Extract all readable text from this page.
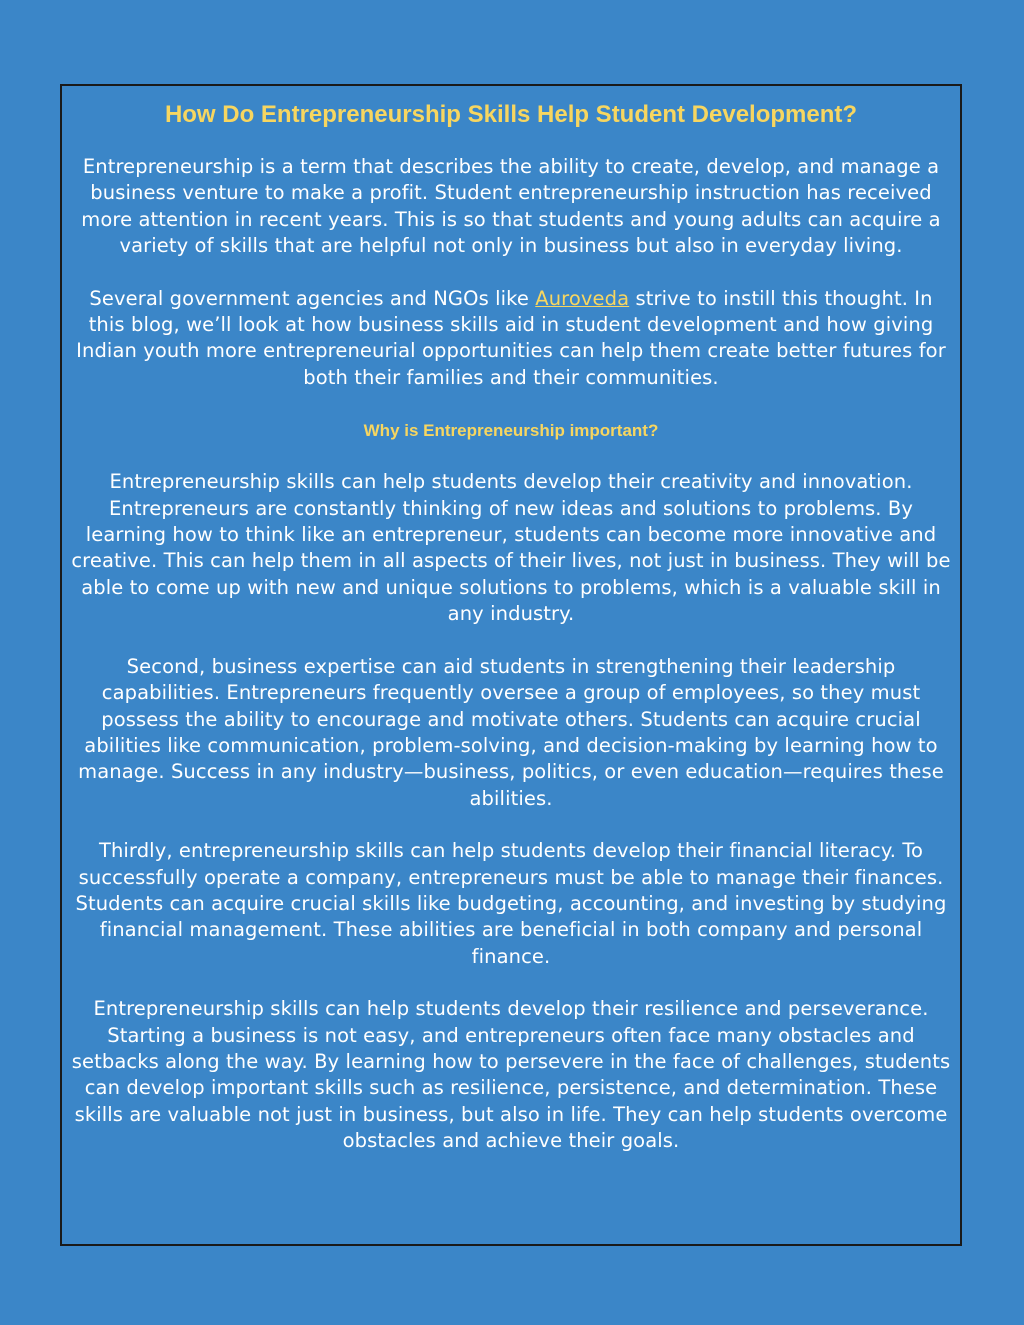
How Do Entrepreneurship Skills Help Student Development?

Entrepreneurship is a term that describes the ability to create, develop, and manage a business venture to make a profit. Student entrepreneurship instruction has received more attention in recent years. This is so that students and young adults can acquire a variety of skills that are helpful not only in business but also in everyday living.

Several government agencies and NGOs like Auroveda strive to instill this thought. In this blog, we’ll look at how business skills aid in student development and how giving Indian youth more entrepreneurial opportunities can help them create better futures for both their families and their communities.

Why is Entrepreneurship important?

Entrepreneurship skills can help students develop their creativity and innovation. Entrepreneurs are constantly thinking of new ideas and solutions to problems. By learning how to think like an entrepreneur, students can become more innovative and creative. This can help them in all aspects of their lives, not just in business. They will be able to come up with new and unique solutions to problems, which is a valuable skill in any industry.

Second, business expertise can aid students in strengthening their leadership capabilities. Entrepreneurs frequently oversee a group of employees, so they must possess the ability to encourage and motivate others. Students can acquire crucial abilities like communication, problem-solving, and decision-making by learning how to manage. Success in any industry—business, politics, or even education—requires these abilities.

Thirdly, entrepreneurship skills can help students develop their financial literacy. To successfully operate a company, entrepreneurs must be able to manage their finances. Students can acquire crucial skills like budgeting, accounting, and investing by studying financial management. These abilities are beneficial in both company and personal finance.

Entrepreneurship skills can help students develop their resilience and perseverance. Starting a business is not easy, and entrepreneurs often face many obstacles and setbacks along the way. By learning how to persevere in the face of challenges, students can develop important skills such as resilience, persistence, and determination. These skills are valuable not just in business, but also in life. They can help students overcome obstacles and achieve their goals.
